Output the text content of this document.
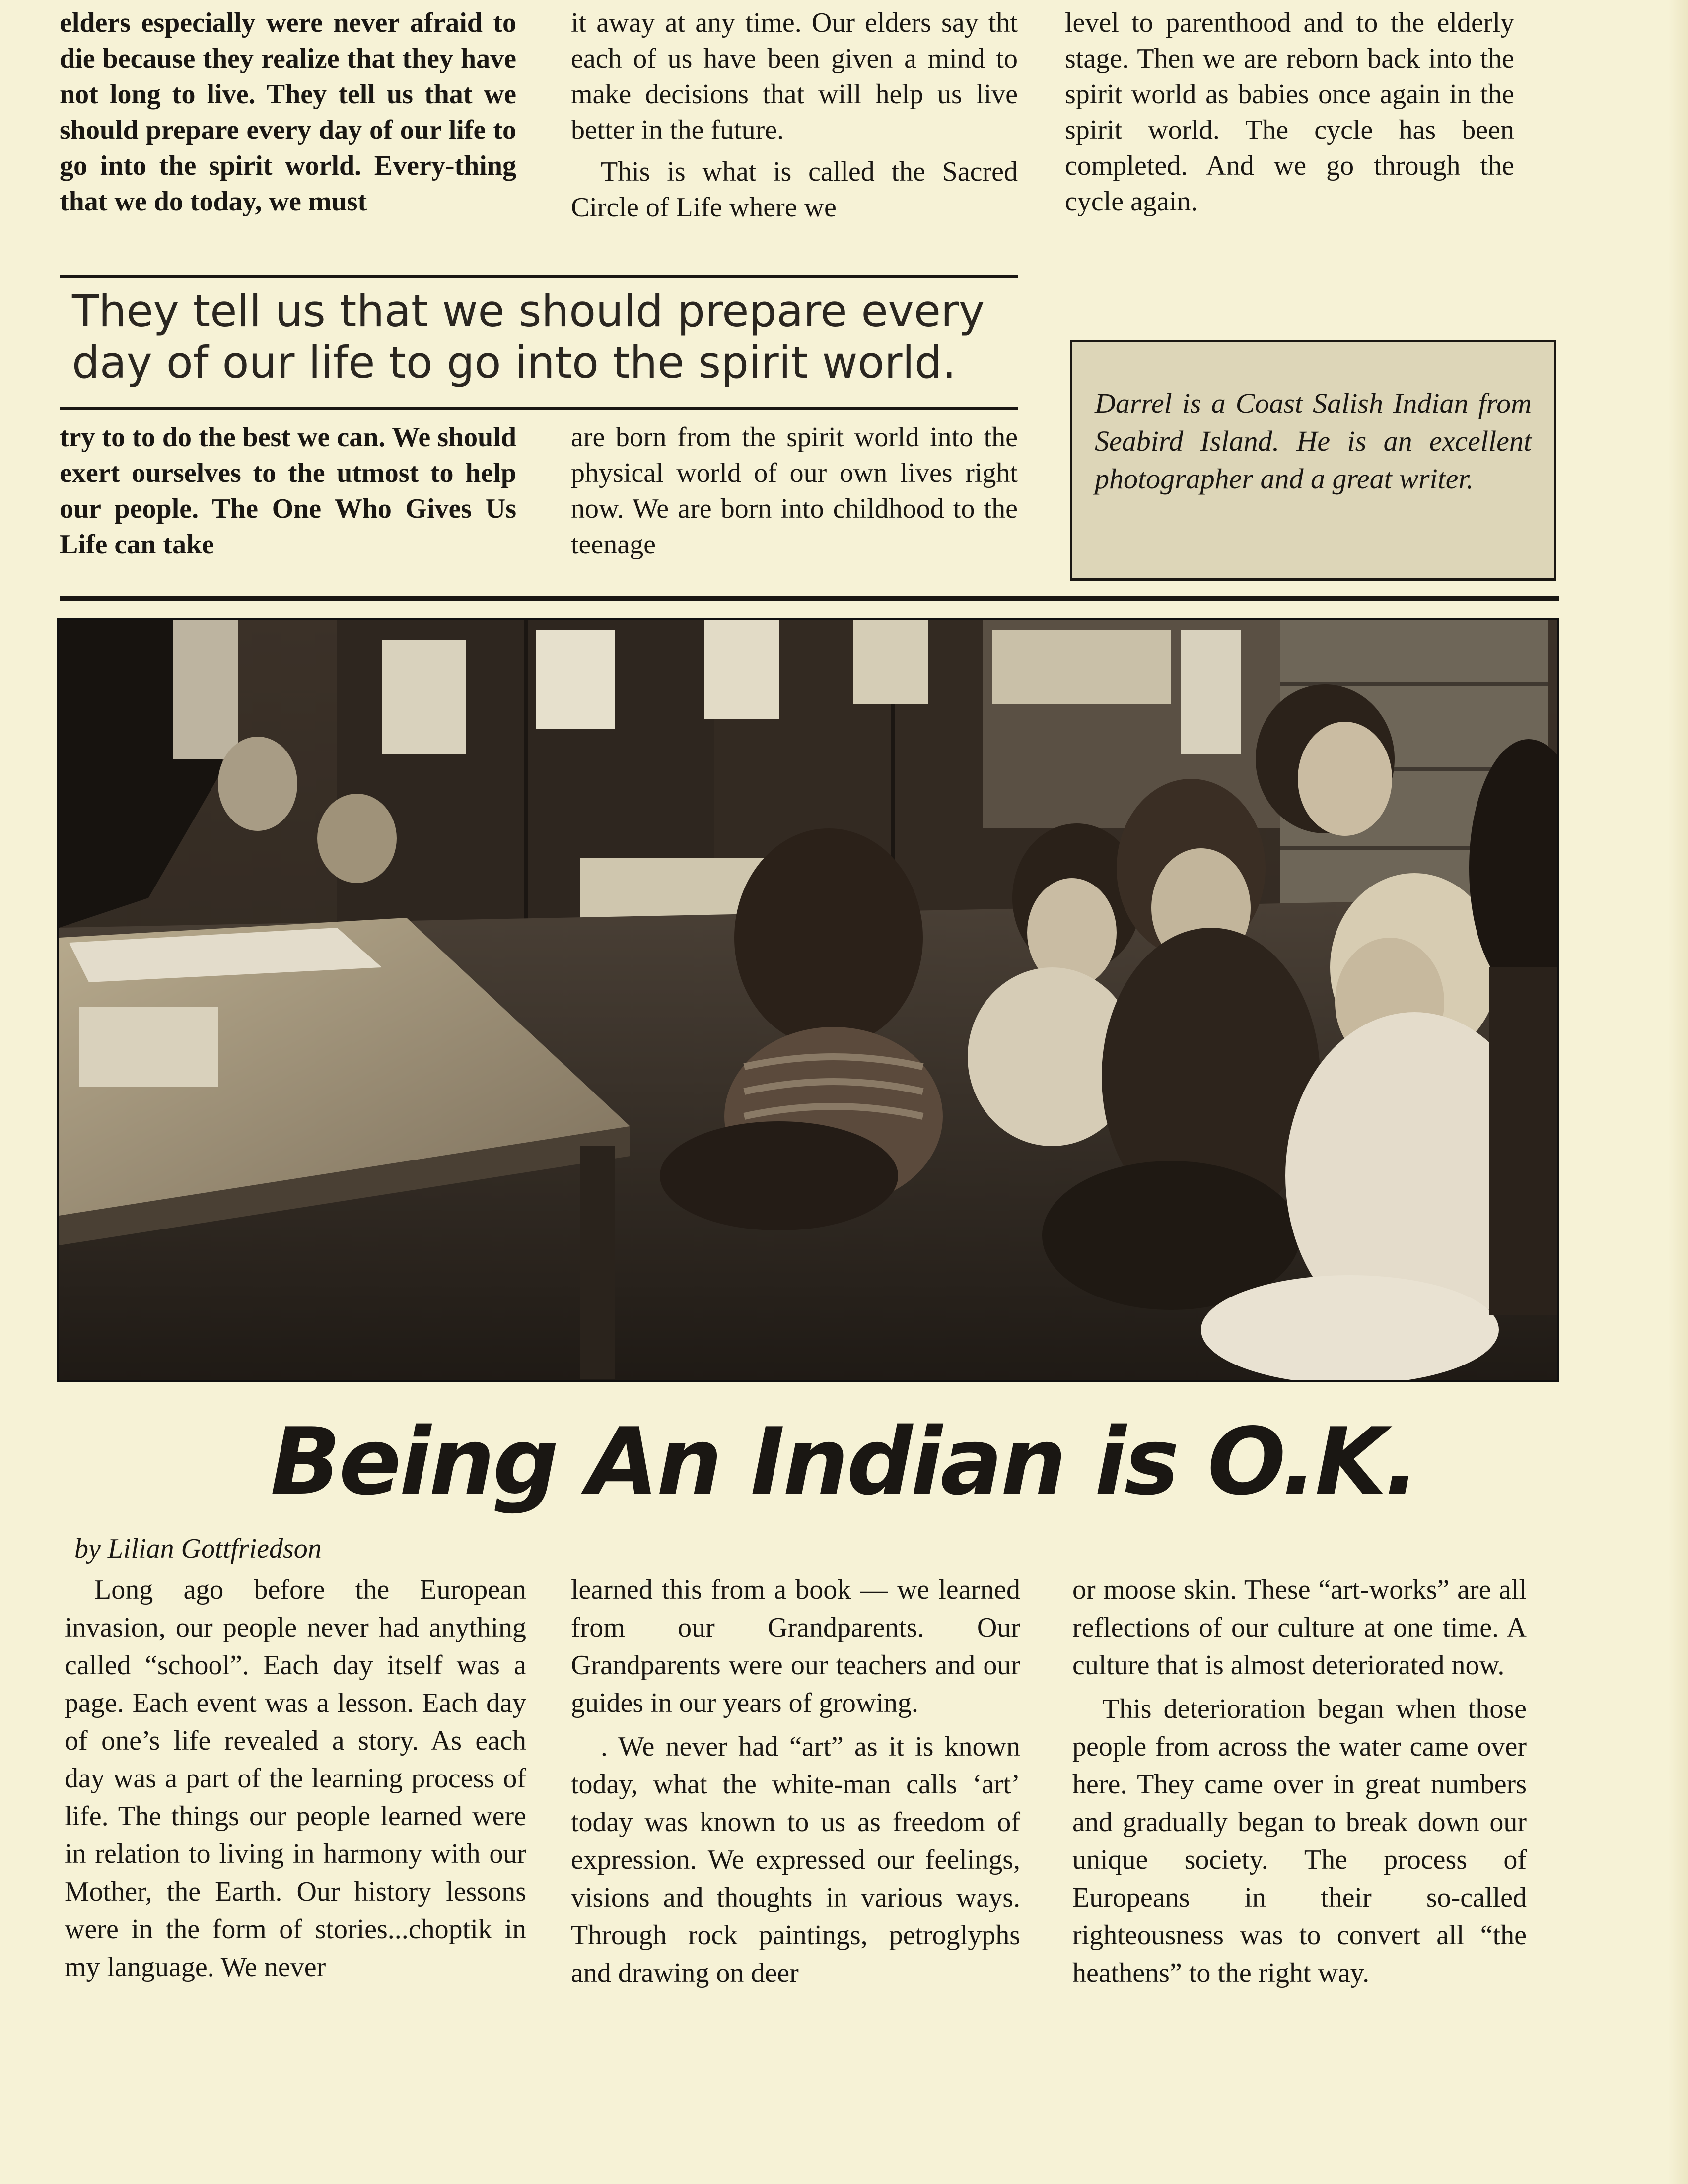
elders especially were never afraid to die because they realize that they have not long to live. They tell us that we should prepare every day of our life to go into the spirit world. Every-thing that we do today, we must

it away at any time. Our elders say tht each of us have been given a mind to make decisions that will help us live better in the future.

This is what is called the Sacred Circle of Life where we

level to parenthood and to the elderly stage. Then we are reborn back into the spirit world as babies once again in the spirit world. The cycle has been completed. And we go through the cycle again.

They tell us that we should prepare every day of our life to go into the spirit world.

try to to do the best we can. We should exert ourselves to the utmost to help our people. The One Who Gives Us Life can take

are born from the spirit world into the physical world of our own lives right now. We are born into childhood to the teenage

Darrel is a Coast Salish Indian from Seabird Island. He is an excellent photographer and a great writer.
Being An Indian is O.K.
by Lilian Gottfriedson

Long ago before the European invasion, our people never had anything called “school”. Each day itself was a page. Each event was a lesson. Each day of one’s life revealed a story. As each day was a part of the learning process of life. The things our people learned were in relation to living in harmony with our Mother, the Earth. Our history lessons were in the form of stories...choptik in my language. We never

learned this from a book — we learned from our Grandparents. Our Grandparents were our teachers and our guides in our years of growing.

. We never had “art” as it is known today, what the white-man calls ‘art’ today was known to us as freedom of expression. We expressed our feelings, visions and thoughts in various ways. Through rock paintings, petroglyphs and drawing on deer

or moose skin. These “art-works” are all reflections of our culture at one time. A culture that is almost deteriorated now.

This deterioration began when those people from across the water came over here. They came over in great numbers and gradually began to break down our unique society. The process of Europeans in their so-called righteousness was to convert all “the heathens” to the right way.
